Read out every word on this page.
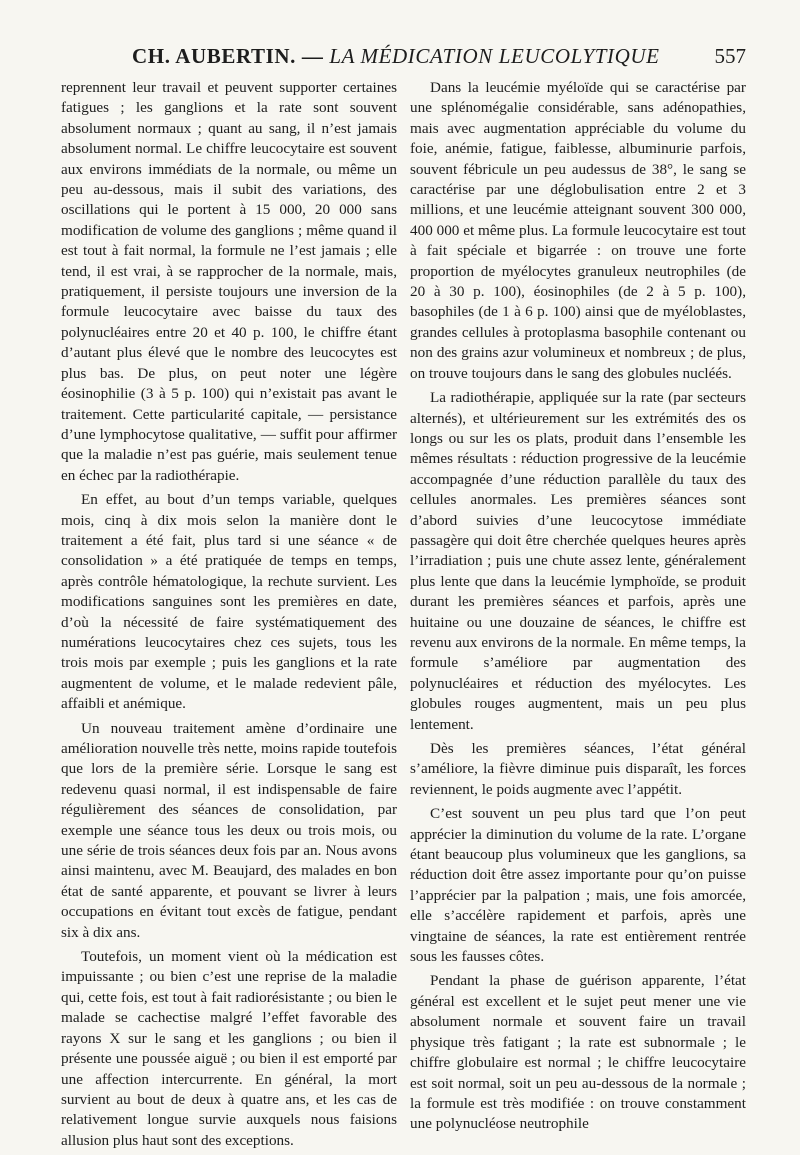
CH. AUBERTIN. — LA MÉDICATION LEUCOLYTIQUE	557

reprennent leur travail et peuvent supporter certaines fatigues ; les ganglions et la rate sont souvent absolument normaux ; quant au sang, il n’est jamais absolument normal. Le chiffre leucocytaire est souvent aux environs immédiats de la normale, ou même un peu au-dessous, mais il subit des variations, des oscillations qui le portent à 15 000, 20 000 sans modification de volume des ganglions ; même quand il est tout à fait normal, la formule ne l’est jamais ; elle tend, il est vrai, à se rapprocher de la normale, mais, pratiquement, il persiste toujours une inversion de la formule leucocytaire avec baisse du taux des polynucléaires entre 20 et 40 p. 100, le chiffre étant d’autant plus élevé que le nombre des leucocytes est plus bas. De plus, on peut noter une légère éosinophilie (3 à 5 p. 100) qui n’existait pas avant le traitement. Cette particularité capitale, — persistance d’une lymphocytose qualitative, — suffit pour affirmer que la maladie n’est pas guérie, mais seulement tenue en échec par la radiothérapie.

En effet, au bout d’un temps variable, quelques mois, cinq à dix mois selon la manière dont le traitement a été fait, plus tard si une séance « de consolidation » a été pratiquée de temps en temps, après contrôle hématologique, la rechute survient. Les modifications sanguines sont les premières en date, d’où la nécessité de faire systématiquement des numérations leucocytaires chez ces sujets, tous les trois mois par exemple ; puis les ganglions et la rate augmentent de volume, et le malade redevient pâle, affaibli et anémique.

Un nouveau traitement amène d’ordinaire une amélioration nouvelle très nette, moins rapide toutefois que lors de la première série. Lorsque le sang est redevenu quasi normal, il est indispensable de faire régulièrement des séances de consolidation, par exemple une séance tous les deux ou trois mois, ou une série de trois séances deux fois par an. Nous avons ainsi maintenu, avec M. Beaujard, des malades en bon état de santé apparente, et pouvant se livrer à leurs occupations en évitant tout excès de fatigue, pendant six à dix ans.

Toutefois, un moment vient où la médication est impuissante ; ou bien c’est une reprise de la maladie qui, cette fois, est tout à fait radiorésistante ; ou bien le malade se cachectise malgré l’effet favorable des rayons X sur le sang et les ganglions ; ou bien il présente une poussée aiguë ; ou bien il est emporté par une affection intercurrente. En général, la mort survient au bout de deux à quatre ans, et les cas de relativement longue survie auxquels nous faisions allusion plus haut sont des exceptions.

Dans la leucémie myéloïde qui se caractérise par une splénomégalie considérable, sans adénopathies, mais avec augmentation appréciable du volume du foie, anémie, fatigue, faiblesse, albuminurie parfois, souvent fébricule un peu audessus de 38°, le sang se caractérise par une déglobulisation entre 2 et 3 millions, et une leucémie atteignant souvent 300 000, 400 000 et même plus. La formule leucocytaire est tout à fait spéciale et bigarrée : on trouve une forte proportion de myélocytes granuleux neutrophiles (de 20 à 30 p. 100), éosinophiles (de 2 à 5 p. 100), basophiles (de 1 à 6 p. 100) ainsi que de myéloblastes, grandes cellules à protoplasma basophile contenant ou non des grains azur volumineux et nombreux ; de plus, on trouve toujours dans le sang des globules nucléés.

La radiothérapie, appliquée sur la rate (par secteurs alternés), et ultérieurement sur les extrémités des os longs ou sur les os plats, produit dans l’ensemble les mêmes résultats : réduction progressive de la leucémie accompagnée d’une réduction parallèle du taux des cellules anormales. Les premières séances sont d’abord suivies d’une leucocytose immédiate passagère qui doit être cherchée quelques heures après l’irradiation ; puis une chute assez lente, généralement plus lente que dans la leucémie lymphoïde, se produit durant les premières séances et parfois, après une huitaine ou une douzaine de séances, le chiffre est revenu aux environs de la normale. En même temps, la formule s’améliore par augmentation des polynucléaires et réduction des myélocytes. Les globules rouges augmentent, mais un peu plus lentement.

Dès les premières séances, l’état général s’améliore, la fièvre diminue puis disparaît, les forces reviennent, le poids augmente avec l’appétit.

C’est souvent un peu plus tard que l’on peut apprécier la diminution du volume de la rate. L’organe étant beaucoup plus volumineux que les ganglions, sa réduction doit être assez importante pour qu’on puisse l’apprécier par la palpation ; mais, une fois amorcée, elle s’accélère rapidement et parfois, après une vingtaine de séances, la rate est entièrement rentrée sous les fausses côtes.

Pendant la phase de guérison apparente, l’état général est excellent et le sujet peut mener une vie absolument normale et souvent faire un travail physique très fatigant ; la rate est subnormale ; le chiffre globulaire est normal ; le chiffre leucocytaire est soit normal, soit un peu au-dessous de la normale ; la formule est très modifiée : on trouve constamment une polynucléose neutrophile
